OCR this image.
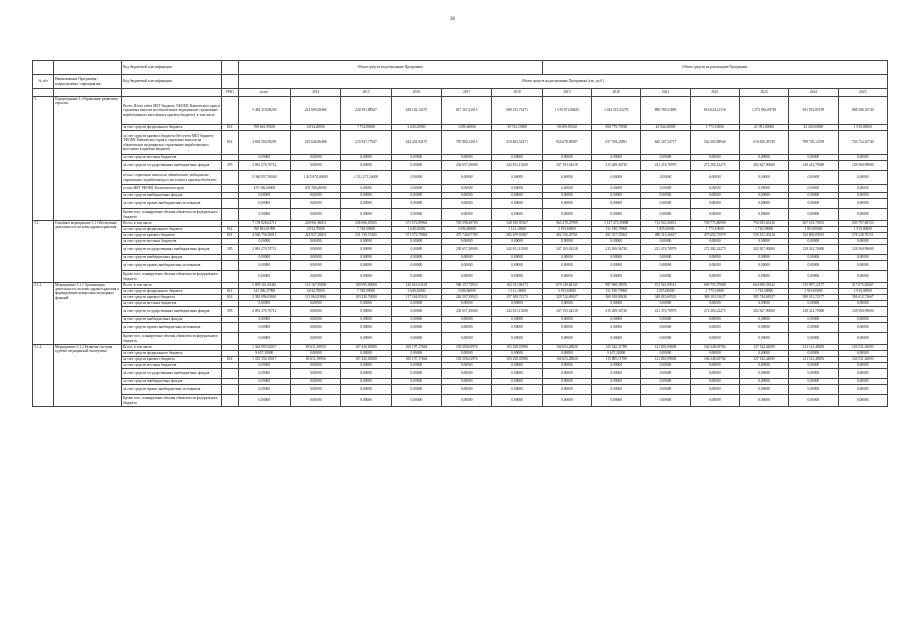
36
		Код бюджетной классификации		Объем средств на реализацию Программы						Объем средств на реализацию Программы						
№ п/п	Наименование Программы / подпрограммы / мероприятия	Код бюджетной классификации		Объем средств на реализацию Программы (тыс. руб.)												
			ГРБС	всего	2014	2015	2016	2017	2018	2019	2020	2021	2022	2023	2024	2025
3.	Подпрограмма 3 «Управление развитием отрасли»	Всего: Итого учёта МБТ бюджету ТФОМС Камчатского края и страховых взносов на обязательное медицинское страхование неработающего населения в краевом бюджете), в том числе:		5 484 319,98259	214 699,28486	220 591,88947	328 102,14197	817 167,41615	689 155,73271	1 019 671,86625	1 443 319,33279	890 769,31699	816 624,21318	1 073 063,09749	941 591,85199	868 296,19749
		за счет средств федерального бюджета	814	708 663,99458	4 034,20000	7 754,80000	3 649,20000	3 696,60000	39 741,10000	58 609,09160	508 779,79938	43 944,30000	1 775,10000	21 991,80000	23 439,00000	1 919,00000
		за счет средств краевого бюджета (без учёта МБТ бюджету ТФОМС Камчатского края и страховых взносов на обязательное медицинское страхование неработающего населения в краевом бюджете)	814	4 694 583,99295	210 644,86486	215 937,77947	324 452,94197	787 860,12615	410 463,52271	924 678,88387	527 918,25891	645 347,22717	542 565,88940	610 845,39749	789 720,12559	726 722,25749
		за счет средств местных бюджетов		0,00000	0,00000	0,00000	0,00000	0,00000	0,00000	0,00000	0,00000	0,00000	0,00000	0,00000	0,00000	0,00000
		за счет средств государственных внебюджетных фондов	395	2 081 270,70712	0,00000	0,00000	0,00000	230 657,29000	242 811,13500	347 193,02218	215 269,36720	221 474,78979	272 282,22275	202 827,90000	128 412,70000	128 560,99600
		из них: страховые взносы на обязательное медицинское страхование неработающего населения в краевом бюджете		5 366 957,30000	1 415 874,00000	1 511 271,30000	0,00000	0,00000	0,00000	0,00000	0,00000	0,00000	0,00000	0,00000	0,00000	0,00000
		из них МБТ ТФОМС Камчатского края		433 356,00000	433 356,00000	0,00000	0,00000	0,00000	0,00000	0,00000	0,00000	0,00000	0,00000	0,00000	0,00000	0,00000
		за счет средств внебюджетных фондов		0,00000	0,00000	0,00000	0,00000	0,00000	0,00000	0,00000	0,00000	0,00000	0,00000	0,00000	0,00000	0,00000
		за счет средств прочих внебюджетных источников		0,00000	0,00000	0,00000	0,00000	0,00000	0,00000	0,00000	0,00000	0,00000	0,00000	0,00000	0,00000	0,00000
		Кроме того, планируемые объемы обязательств федерального бюджета		0,00000	0,00000	0,00000	0,00000	0,00000	0,00000	0,00000	0,00000	0,00000	0,00000	0,00000	0,00000	0,00000
3.1.	Основное мероприятие 3.1 Обеспечение деятельности системы здравоохранения	Всего, в том числе:		7 178 828,62711	228 961,86811	236 966,05565	371 572,89964	703 598,49709	528 189,95367	963 278,47999	1 127 473,59898	713 941,06831	769 775,86998	794 935,65416	657 181,70915	639 797,68153
		за счет средств федерального бюджета	814	760 861,01998	4 034,70000	7 748,00000	1 649,20000	3 696,60000	1 141,10000	3 193,60000	131 180,79968	1 855,00000	1 775,10000	1 716,50000	1 919,00000	1 919,00000
		за счет средств краевого бюджета	814	4 946 756,56011	224 927,26811	231 150,15565	371 573,79964	479 746,07709	282 679,91867	462 156,45761	491 017,33564	488 315,26617	475 692,75979	530 151,45416	533 850,89015	578 128,78151
		за счет средств местных бюджетов		0,00000	0,00000	0,00000	0,00000	0,00000	0,00000	0,00000	0,00000	0,00000	0,00000	0,00000	0,00000	0,00000
		за счет средств государственных внебюджетных фондов	395	2 081 270,70712	0,00000	0,00000	0,00000	230 657,29000	242 811,13500	347 193,02218	215 269,36720	221 474,78979	272 282,22275	202 827,90000	128 412,70000	128 560,99600
		за счет средств внебюджетных фондов		0,00000	0,00000	0,00000	0,00000	0,00000	0,00000	0,00000	0,00000	0,00000	0,00000	0,00000	0,00000	0,00000
		за счет средств прочих внебюджетных источников		0,00000	0,00000	0,00000	0,00000	0,00000	0,00000	0,00000	0,00000	0,00000	0,00000	0,00000	0,00000	0,00000
		Кроме того, планируемые объемы обязательств федерального бюджета		0,00000	0,00000	0,00000	0,00000	0,00000	0,00000	0,00000	0,00000	0,00000	0,00000	0,00000	0,00000	0,00000
3.1.1.	Мероприятие 3.1.1 Организация деятельности системы здравоохранения в формирующие контрольно-надзорных функций	Всего, в том числе:		5 809 161,65461	113 167,56800	109 995,00000	120 841,63103	586 157,73923	102 331,96173	679 149,68145	987 968,38976	572 941,99513	609 751,07688	664 699,33632	515 997,12177	517 675,82667
		за счет средств федерального бюджета	814	343 396,37998	4 034,70000	7 748,00000	1 649,20000	3 696,60000	1 141,10000	3 193,60000	131 180,79968	1 855,00000	1 775,10000	1 716,50000	1 919,00000	1 919,00000
		за счет средств краевого бюджета	814	2 384 896,03861	113 062,83861	103 230,70000	117 184,95103	262 507,39923	157 309,72173	329 722,69927	360 918,98438	349 819,60533	380 103,91637	385 744,68337	390 013,72177	394 612,72667
		за счет средств местных бюджетов		0,00000	0,00000	0,00000	0,00000	0,00000	0,00000	0,00000	0,00000	0,00000	0,00000	0,00000	0,00000	0,00000
		за счет средств государственных внебюджетных фондов	395	2 081 270,70712	0,00000	0,00000	0,00000	230 657,29000	242 811,13500	347 193,02218	215 269,36720	221 474,78979	272 282,22275	202 827,90000	128 412,70000	128 560,99600
		за счет средств внебюджетных фондов		0,00000	0,00000	0,00000	0,00000	0,00000	0,00000	0,00000	0,00000	0,00000	0,00000	0,00000	0,00000	0,00000
		за счет средств прочих внебюджетных источников		0,00000	0,00000	0,00000	0,00000	0,00000	0,00000	0,00000	0,00000	0,00000	0,00000	0,00000	0,00000	0,00000
		Кроме того, планируемые объемы обязательств федерального бюджета		0,00000	0,00000	0,00000	0,00000	0,00000	0,00000	0,00000	0,00000	0,00000	0,00000	0,00000	0,00000	0,00000
3.1.2.	Мероприятие 3.1.2 Развитие системы судебно-медицинской экспертизы	Всего, в том числе:		1 344 997,62017	83 611,39950	107 430,65000	100 197,17664	103 500,63976	103 258,55980	104 653,28820	125 542,31789	121 801,09658	166 348,65784	127 142,44695	121 141,48693	126 531,26693
		за счет средств федерального бюджета		9 657,20000	0,00000	0,00000	0,00000	0,00000	0,00000	0,00000	9 657,20000	0,00000	0,00000	0,00000	0,00000	0,00000
		за счет средств краевого бюджета	814	1 335 350,10017	83 611,39950	107 430,65000	100 197,17664	103 500,63976	103 258,55980	104 653,28820	115 885,11789	121 801,09658	166 348,65784	127 142,44695	121 141,48693	126 531,26693
		за счет средств местных бюджетов		0,00000	0,00000	0,00000	0,00000	0,00000	0,00000	0,00000	0,00000	0,00000	0,00000	0,00000	0,00000	0,00000
		за счет средств государственных внебюджетных фондов		0,00000	0,00000	0,00000	0,00000	0,00000	0,00000	0,00000	0,00000	0,00000	0,00000	0,00000	0,00000	0,00000
		за счет средств внебюджетных фондов		0,00000	0,00000	0,00000	0,00000	0,00000	0,00000	0,00000	0,00000	0,00000	0,00000	0,00000	0,00000	0,00000
		за счет средств прочих внебюджетных источников		0,00000	0,00000	0,00000	0,00000	0,00000	0,00000	0,00000	0,00000	0,00000	0,00000	0,00000	0,00000	0,00000
		Кроме того, планируемые объемы обязательств федерального бюджета		0,00000	0,00000	0,00000	0,00000	0,00000	0,00000	0,00000	0,00000	0,00000	0,00000	0,00000	0,00000	0,00000
